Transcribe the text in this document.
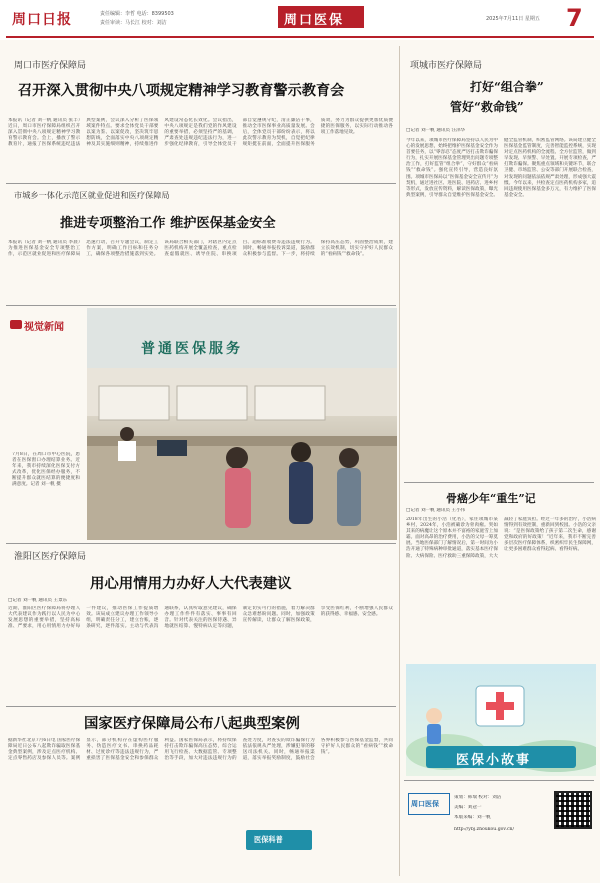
周口日报	责任编辑：李哲 电话：8399503
责任审读：马长江 校对：刘洁	周口医保	2025年7月11日 星期五 7
周口市医疗保障局
召开深入贯彻中央八项规定精神学习教育警示教育会
本报讯（记者 刘一帆 通讯员 张丰）近日，周口市医疗保障局组织召开深入贯彻中央八项规定精神学习教育警示教育会。会上，播放了警示教育片，通报了医保系统违纪违法典型案例，会议深入分析了医保领域案件特点。要求全体党员干部要以案为鉴、以案促改，坚决筑牢思想防线，全面落实中央八项规定精神及其实施细则精神，持续推进作风建设常态化长效化。会议指出，中央八项规定是我们党的作风建设的重要举措，必须坚持严的基调，严肃查处违规违纪违法行为，进一步强化纪律教育，引导全体党员干部自觉遵规守纪，清正廉洁干事，推动全市医保事业高质量发展。会后，全体党员干部纷纷表示，将以此次警示教育为契机，自觉把纪律规矩挺在前面，全面提升医保服务质效，努力为群众提供更加优质便捷的医保服务，以实际行动推动各项工作落地见效。
市城乡一体化示范区就业促进和医疗保障局
推进专项整治工作 维护医保基金安全
本报讯（记者 刘一帆 通讯员 李晨）为推进医保基金安全专项整治工作，示范区就业促进和医疗保障局迅速行动，召开专题会议，制定工作方案，明确工作目标和任务分工，确保各项整治措施落到实处。该局联合相关部门，对辖区内定点医药机构开展全覆盖检查，重点检查虚假就医、诱导住院、串换项目、超标准收费等违法违规行为。同时，畅通举报投诉渠道，鼓励群众积极参与监督。下一步，将持续保持高压态势，巩固整治成果，建立长效机制，切实守护好人民群众的“看病钱”“救命钱”。
普通医保服务
视觉新闻
7月8日，在周口市中心医院，患者在医保窗口办理结算业务。近年来，我市持续深化医保支付方式改革，优化医保经办服务，不断提升群众就医结算的便捷度和满意度。记者 刘一帆 摄
淮阳区医疗保障局
用心用情用力办好人大代表建议
□记者 刘一帆 通讯员 王景东
近期，淮阳区医疗保障局将办理人大代表建议作为践行以人民为中心发展思想的重要举措，坚持高标准、严要求，用心用情用力办好每一件建议，推动医保工作提质增效。该局成立建议办理工作领导小组，明确责任分工，建立台账，逐条研究，逐件落实。主动与代表沟通联系，认真听取意见建议，确保办理工作件件有落实、事事有回音。针对代表关注的医保待遇、异地就医结算、慢特病认定等问题，制定切实可行的措施，着力解决群众急难愁盼问题。同时，加强政策宣传解读，让群众了解医保政策，享受医保红利，不断增强人民群众的获得感、幸福感、安全感。
国家医疗保障局公布八起典型案例
据新华社北京7月6日电 国家医疗保障局近日公布八起欺诈骗取医保基金典型案例，涉及定点医疗机构、定点零售药店及参保人员等。案例显示，部分机构存在虚构医疗服务、伪造医疗文书、串换药品耗材、过度诊疗等违法违规行为，严重损害了医保基金安全和参保群众利益。国家医保局表示，将持续保持打击欺诈骗保高压态势，综合运用飞行检查、大数据监管、专项整治等手段，加大对违法违规行为的查处力度，对查实的欺诈骗保行为依法依规从严处理，涉嫌犯罪的移送司法机关。同时，畅通举报渠道，落实举报奖励制度，鼓励社会各界积极参与医保基金监督，共同守护好人民群众的“看病钱”“救命钱”。
医保科普
项城市医疗保障局
打好“组合拳”
管好“救命钱”
□记者 刘一帆 通讯员 汪泽华
今年以来，项城市医疗保障局坚持以人民为中心的发展思想，始终把维护医保基金安全作为首要任务，以“零容忍”态度严厉打击欺诈骗保行为，扎实开展医保基金管理突出问题专项整治工作，打好监管“组合拳”，守好群众“看病钱”“救命钱”。强化宣传引导，营造良好氛围。项城市医保局以“医保基金安全宣传月”为契机，通过进社区、进医院、进药店、进乡村等形式，发放宣传资料，解读医保政策，曝光典型案例，引导群众自觉维护医保基金安全。健全监管机制，织密监管网络。该局建立健全医保基金监管制度，完善智能监控系统，实现对定点医药机构的全流程、全方位监管，做到早发现、早预警、早处置。开展专项检查，严打欺诈骗保。聚焦重点领域和关键环节，联合卫健、市场监管、公安等部门开展联合检查，对发现的问题依法依规严肃处理，形成强大震慑。今年以来，共检查定点医药机构多家，追回违规使用医保基金多万元，有力维护了医保基金安全。
骨癌少年“重生”记
□记者 刘一帆 通讯员 王小伟
2018年出生的小浩（化名），家住项城市某乡村，2024年，小浩被确诊为骨肉瘤。突如其来的病魔让这个原本并不富裕的家庭雪上加霜。面对高昂的治疗费用，小浩的父母一筹莫展。当地医保部门了解情况后，第一时间为小浩开通了特殊病种审批通道，落实基本医疗保险、大病保险、医疗救助三重保障政策，大大减轻了家庭负担。经过一年多的治疗，小浩病情得到有效控制，重新回到校园。小浩的父亲说：“是医保政策给了孩子第二次生命，感谢党和政府的好政策！”近年来，我市不断完善多层次医疗保障体系，织密织牢民生保障网，让更多困难群众看得起病、看得好病。
医保小故事
周口医保
策划：韩瑞 校对：刘洁
美编：刘冠一
本版采编：刘一帆
http://ybj.zhoukou.gov.cn/
